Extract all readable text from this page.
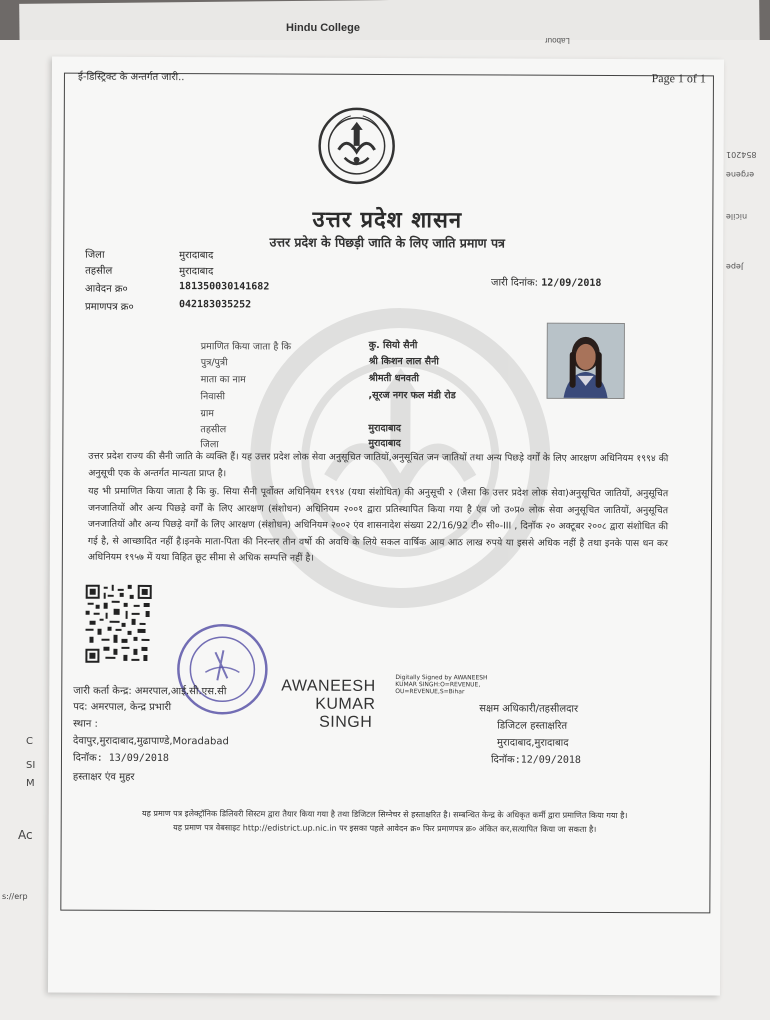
Hindu College
Labour
854201
ergene
nicile
Jepe
C
SI
M
Ac
s://erp
ई-डिस्ट्रिक्ट के अन्तर्गत जारी..	Page 1 of 1
उत्तर प्रदेश शासन
उत्तर प्रदेश के पिछड़ी जाति के लिए जाति प्रमाण पत्र
जिला	मुरादाबाद
तहसील	मुरादाबाद
आवेदन क्र०	181350030141682
प्रमाणपत्र क्र०	042183035252
जारी दिनांक: 12/09/2018
प्रमाणित किया जाता है कि	कु. सियो सैनी
पुत्र/पुत्री	श्री किशन लाल सैनी
माता का नाम	श्रीमती धनवती
निवासी	,सूरज नगर फल मंडी रोड
ग्राम
तहसील	मुरादाबाद
जिला	मुरादाबाद
उत्तर प्रदेश राज्य की सैनी जाति के व्यक्ति हैं। यह उत्तर प्रदेश लोक सेवा अनुसूचित जातियों,अनुसूचित जन जातियों तथा अन्य पिछड़े वर्गों के लिए आरक्षण अधिनियम १९९४ की अनुसूची एक के अन्तर्गत मान्यता प्राप्त है।
यह भी प्रमाणित किया जाता है कि कु. सिया सैनी पूर्वोक्त अधिनियम १९९४ (यथा संशोधित) की अनुसूची २ (जैसा कि उत्तर प्रदेश लोक सेवा)अनुसूचित जातियों, अनुसूचित जनजातियों और अन्य पिछड़े वर्गों के लिए आरक्षण (संशोधन) अधिनियम २००१ द्वारा प्रतिस्थापित किया गया है एंव जो उ०प्र० लोक सेवा अनुसूचित जातियों, अनुसूचित जनजातियों और अन्य पिछड़े वर्गों के लिए आरक्षण (संशोधन) अधिनियम २००२ एंव शासनादेश संख्या 22/16/92 टी० सी०-III , दिनॉक २० अक्टूबर २००८ द्वारा संशोधित की गई है, से आच्छादित नहीं है।इनके माता-पिता की निरन्तर तीन वर्षो की अवधि के लिये सकल वार्षिक आय आठ लाख रुपये या इससे अधिक नहीं है तथा इनके पास धन कर अधिनियम १९५७ में यथा विहित छूट सीमा से अधिक सम्पत्ति नहीं है।
AWANEESH
KUMAR
SINGH
Digitally Signed by AWANEESH KUMAR SINGH:O=REVENUE, OU=REVENUE,S=Bihar
जारी कर्ता केन्द्र: अमरपाल,आई.सी.एस.सी
पद: अमरपाल, केन्द्र प्रभारी
स्थान :
देवापुर,मुरादाबाद,मुढापाण्डे,Moradabad
दिनॉक: 13/09/2018
हस्ताक्षर एंव मुहर
सक्षम अधिकारी/तहसीलदार
डिजिटल हस्ताक्षरित
मुरादाबाद,मुरादाबाद
दिनॉक:12/09/2018
यह प्रमाण पत्र इलेक्ट्रॉनिक डिलिवरी सिस्टम द्वारा तैयार किया गया है तथा डिजिटल सिग्नेचर से हस्ताक्षरित है। सम्बन्धित केन्द्र के अधिकृत कर्मी द्वारा प्रमाणित किया गया है।
यह प्रमाण पत्र वेबसाइट http://edistrict.up.nic.in पर इसका पहले आवेदन क्र० फिर प्रमाणपत्र क्र० अंकित कर,सत्यापित किया जा सकता है।
